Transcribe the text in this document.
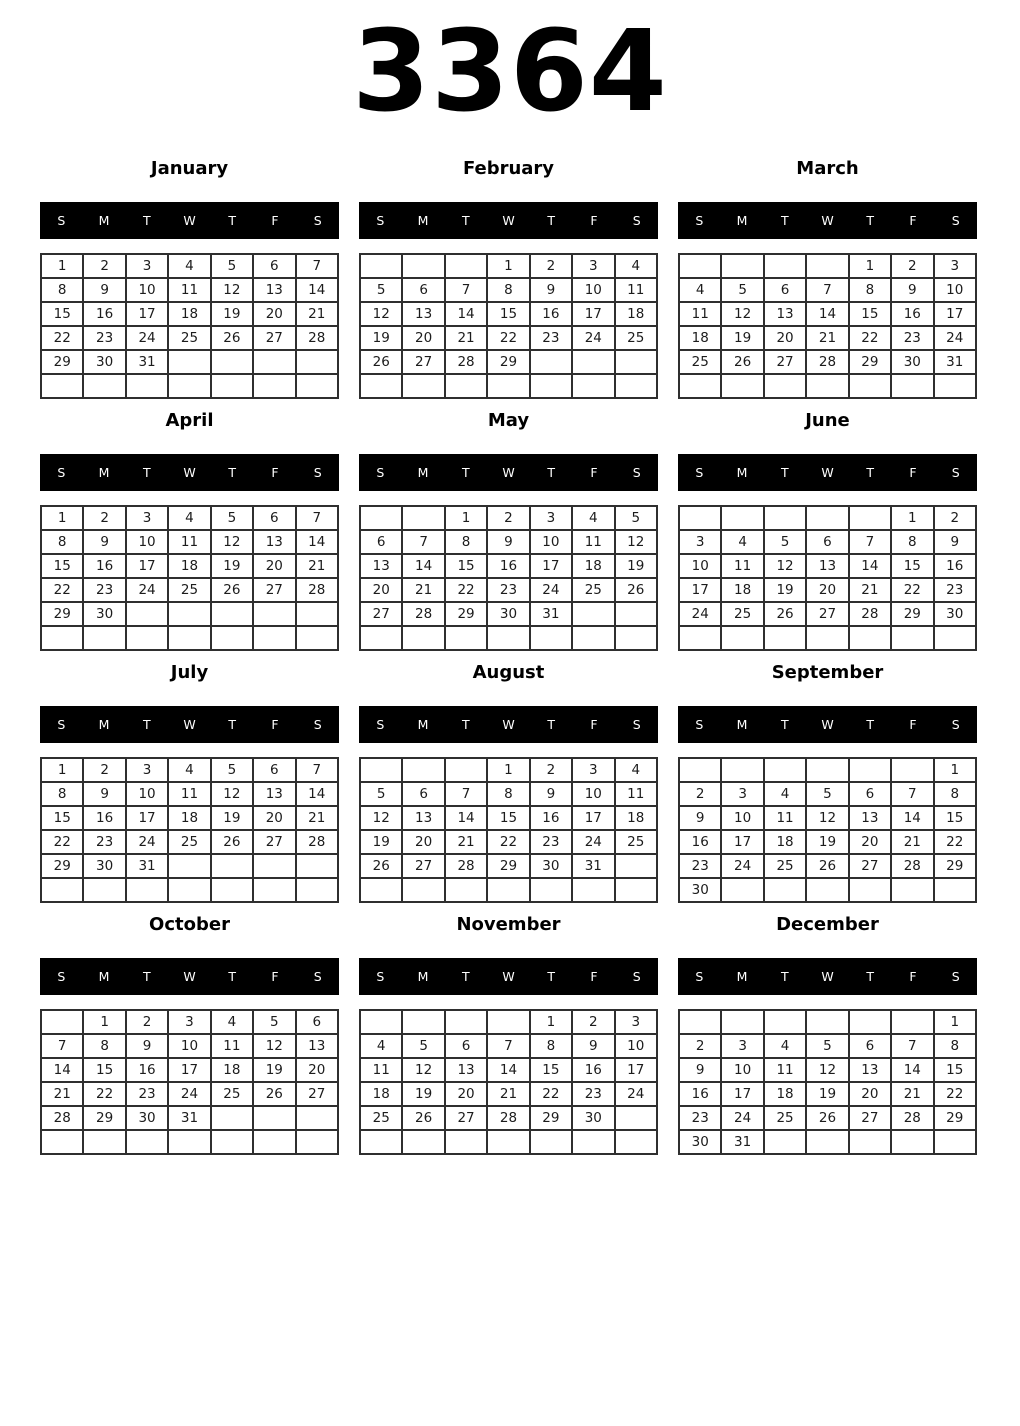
3364
January
S	M	T	W	T	F	S
1	2	3	4	5	6	7
8	9	10	11	12	13	14
15	16	17	18	19	20	21
22	23	24	25	26	27	28
29	30	31				

February
S	M	T	W	T	F	S
			1	2	3	4
5	6	7	8	9	10	11
12	13	14	15	16	17	18
19	20	21	22	23	24	25
26	27	28	29			

March
S	M	T	W	T	F	S
				1	2	3
4	5	6	7	8	9	10
11	12	13	14	15	16	17
18	19	20	21	22	23	24
25	26	27	28	29	30	31

April
S	M	T	W	T	F	S
1	2	3	4	5	6	7
8	9	10	11	12	13	14
15	16	17	18	19	20	21
22	23	24	25	26	27	28
29	30					

May
S	M	T	W	T	F	S
		1	2	3	4	5
6	7	8	9	10	11	12
13	14	15	16	17	18	19
20	21	22	23	24	25	26
27	28	29	30	31		

June
S	M	T	W	T	F	S
					1	2
3	4	5	6	7	8	9
10	11	12	13	14	15	16
17	18	19	20	21	22	23
24	25	26	27	28	29	30

July
S	M	T	W	T	F	S
1	2	3	4	5	6	7
8	9	10	11	12	13	14
15	16	17	18	19	20	21
22	23	24	25	26	27	28
29	30	31				

August
S	M	T	W	T	F	S
			1	2	3	4
5	6	7	8	9	10	11
12	13	14	15	16	17	18
19	20	21	22	23	24	25
26	27	28	29	30	31	

September
S	M	T	W	T	F	S
						1
2	3	4	5	6	7	8
9	10	11	12	13	14	15
16	17	18	19	20	21	22
23	24	25	26	27	28	29
30						
October
S	M	T	W	T	F	S
	1	2	3	4	5	6
7	8	9	10	11	12	13
14	15	16	17	18	19	20
21	22	23	24	25	26	27
28	29	30	31			

November
S	M	T	W	T	F	S
				1	2	3
4	5	6	7	8	9	10
11	12	13	14	15	16	17
18	19	20	21	22	23	24
25	26	27	28	29	30	

December
S	M	T	W	T	F	S
						1
2	3	4	5	6	7	8
9	10	11	12	13	14	15
16	17	18	19	20	21	22
23	24	25	26	27	28	29
30	31					
